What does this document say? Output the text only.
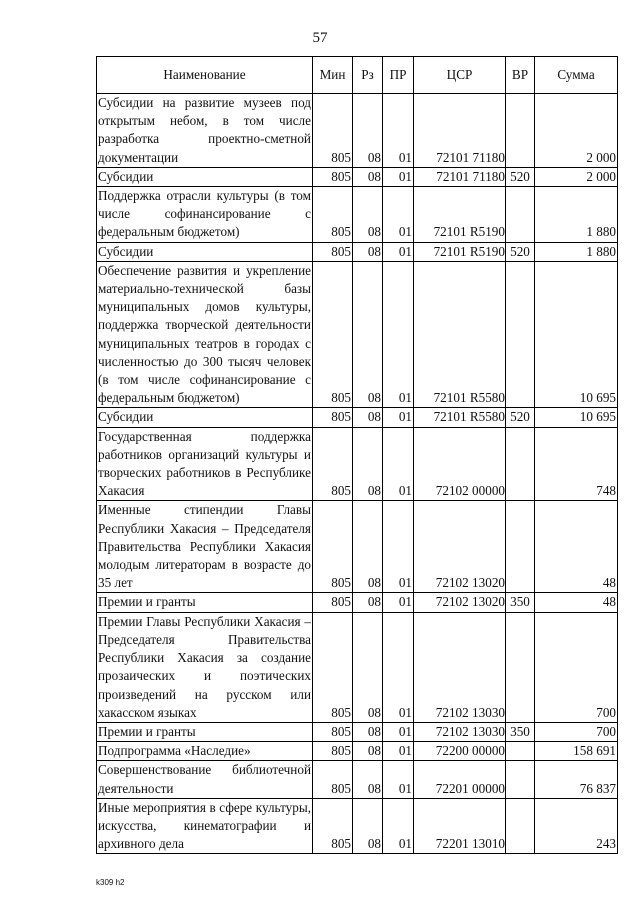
57
Наименование	Мин	Рз	ПР	ЦСР	ВР	Сумма
Субсидии на развитие музеев под открытым небом, в том числе разработка проектно-сметной документации	805	08	01	72101 71180		2 000
Субсидии	805	08	01	72101 71180	520	2 000
Поддержка отрасли культуры (в том числе софинансирование с федеральным бюджетом)	805	08	01	72101 R5190		1 880
Субсидии	805	08	01	72101 R5190	520	1 880
Обеспечение развития и укрепление материально-технической базы муниципальных домов культуры, поддержка творческой деятельности муниципальных театров в городах с численностью до 300 тысяч человек (в том числе софинансирование с федеральным бюджетом)	805	08	01	72101 R5580		10 695
Субсидии	805	08	01	72101 R5580	520	10 695
Государственная поддержка работников организаций культуры и творческих работников в Республике Хакасия	805	08	01	72102 00000		748
Именные стипендии Главы Республики Хакасия – Председателя Правительства Республики Хакасия молодым литераторам в возрасте до 35 лет	805	08	01	72102 13020		48
Премии и гранты	805	08	01	72102 13020	350	48
Премии Главы Республики Хакасия – Председателя Правительства Республики Хакасия за создание прозаических и поэтических произведений на русском или хакасском языках	805	08	01	72102 13030		700
Премии и гранты	805	08	01	72102 13030	350	700
Подпрограмма «Наследие»	805	08	01	72200 00000		158 691
Совершенствование библиотечной деятельности	805	08	01	72201 00000		76 837
Иные мероприятия в сфере культуры, искусства, кинематографии и архивного дела	805	08	01	72201 13010		243
k309 h2
